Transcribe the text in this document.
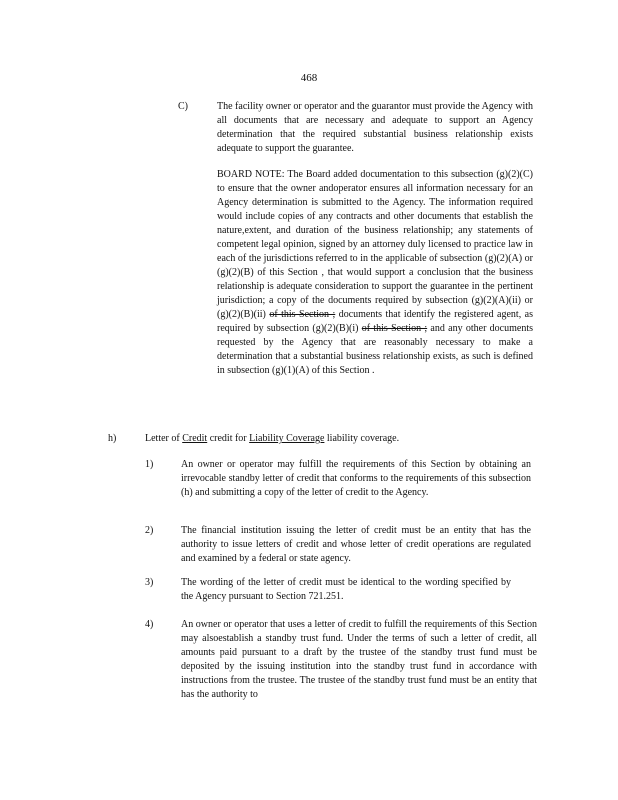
468
C)	The facility owner or operator and the guarantor must provide the Agency with all documents that are necessary and adequate to support an Agency determination that the required substantial business relationship exists adequate to support the guarantee.
BOARD NOTE: The Board added documentation to this subsection (g)(2)(C) to ensure that the owner andoperator ensures all information necessary for an Agency determination is submitted to the Agency. The information required would include copies of any contracts and other documents that establish the nature,extent, and duration of the business relationship; any statements of competent legal opinion, signed by an attorney duly licensed to practice law in each of the jurisdictions referred to in the applicable of subsection (g)(2)(A) or (g)(2)(B) of this Section , that would support a conclusion that the business relationship is adequate consideration to support the guarantee in the pertinent jurisdiction; a copy of the documents required by subsection (g)(2)(A)(ii) or (g)(2)(B)(ii) of this Section ; documents that identify the registered agent, as required by subsection (g)(2)(B)(i) of this Section ; and any other documents requested by the Agency that are reasonably necessary to make a determination that a substantial business relationship exists, as such is defined in subsection (g)(1)(A) of this Section .
h)	Letter of Credit credit for Liability Coverage liability coverage.
1)	An owner or operator may fulfill the requirements of this Section by obtaining an irrevocable standby letter of credit that conforms to the requirements of this subsection (h) and submitting a copy of the letter of credit to the Agency.
2)	The financial institution issuing the letter of credit must be an entity that has the authority to issue letters of credit and whose letter of credit operations are regulated and examined by a federal or state agency.
3)	The wording of the letter of credit must be identical to the wording specified by the Agency pursuant to Section 721.251.
4)	An owner or operator that uses a letter of credit to fulfill the requirements of this Section may alsoestablish a standby trust fund. Under the terms of such a letter of credit, all amounts paid pursuant to a draft by the trustee of the standby trust fund must be deposited by the issuing institution into the standby trust fund in accordance with instructions from the trustee. The trustee of the standby trust fund must be an entity that has the authority to
